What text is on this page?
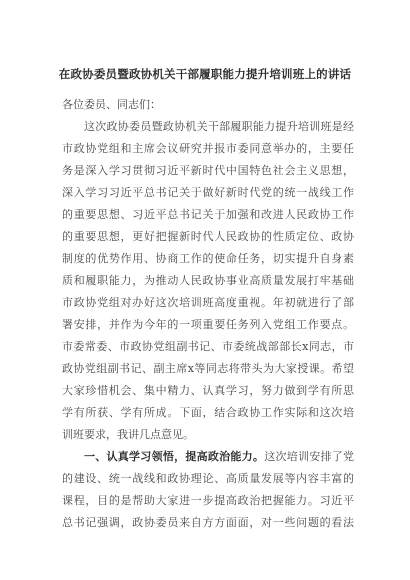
在政协委员暨政协机关干部履职能力提升培训班上的讲话
各位委员、同志们：
这次政协委员暨政协机关干部履职能力提升培训班是经
市政协党组和主席会议研究并报市委同意举办的，主要任
务是深入学习贯彻习近平新时代中国特色社会主义思想，
深入学习习近平总书记关于做好新时代党的统一战线工作
的重要思想、习近平总书记关于加强和改进人民政协工作
的重要思想，更好把握新时代人民政协的性质定位、政协
制度的优势作用、协商工作的使命任务，切实提升自身素
质和履职能力，为推动人民政协事业高质量发展打牢基础
市政协党组对办好这次培训班高度重视。年初就进行了部
署安排，并作为今年的一项重要任务列入党组工作要点。
市委常委、市政协党组副书记、市委统战部部长x同志，市
政协党组副书记、副主席x等同志将带头为大家授课。希望
大家珍惜机会、集中精力、认真学习，努力做到学有所思
学有所获、学有所成。下面，结合政协工作实际和这次培
训班要求，我讲几点意见。
一、认真学习领悟，提高政治能力。这次培训安排了党
的建设、统一战线和政协理论、高质量发展等内容丰富的
课程，目的是帮助大家进一步提高政治把握能力。习近平
总书记强调，政协委员来自方方面面，对一些问题的看法
